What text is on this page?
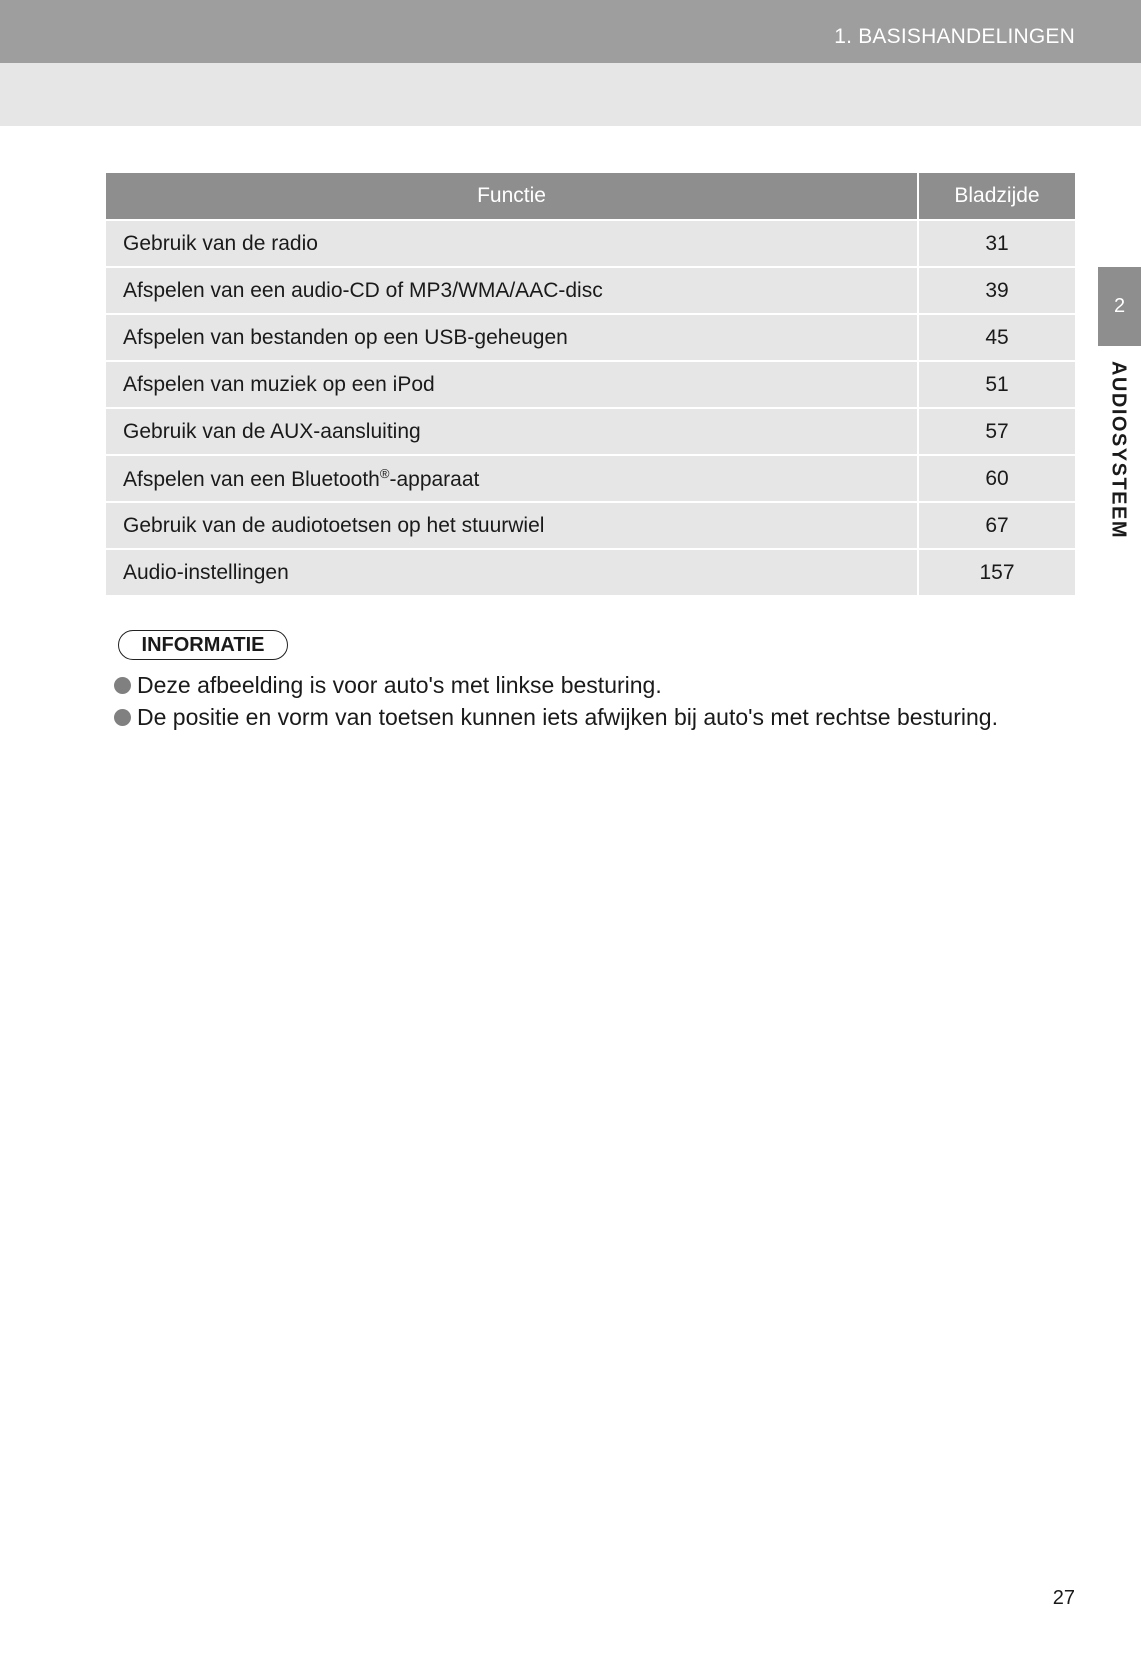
1. BASISHANDELINGEN
Functie	Bladzijde
Gebruik van de radio	31
Afspelen van een audio-CD of MP3/WMA/AAC-disc	39
Afspelen van bestanden op een USB-geheugen	45
Afspelen van muziek op een iPod	51
Gebruik van de AUX-aansluiting	57
Afspelen van een Bluetooth®-apparaat	60
Gebruik van de audiotoetsen op het stuurwiel	67
Audio-instellingen	157
INFORMATIE
Deze afbeelding is voor auto's met linkse besturing.
De positie en vorm van toetsen kunnen iets afwijken bij auto's met rechtse besturing.
2
AUDIOSYSTEEM
27
